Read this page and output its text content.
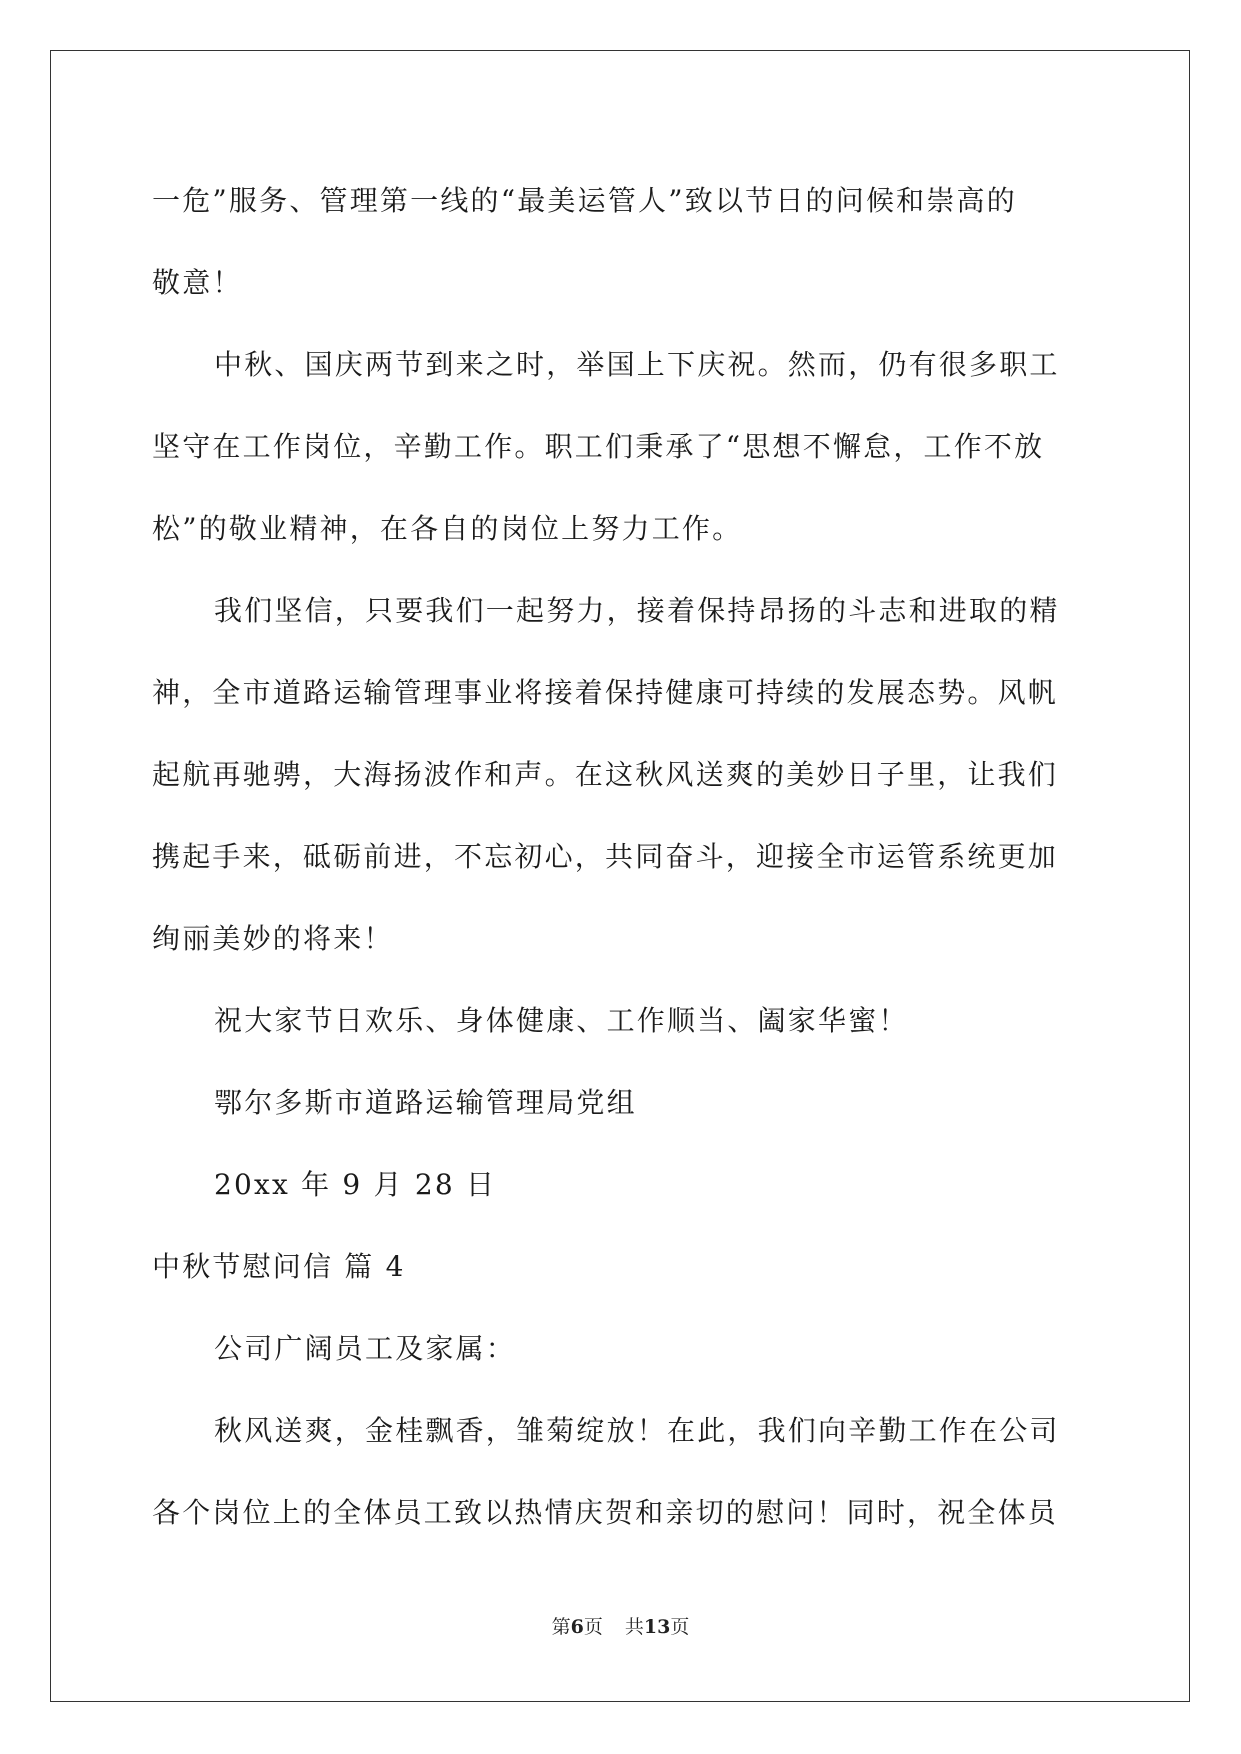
一危”服务、管理第一线的“最美运管人”致以节日的问候和崇高的
敬意！
中秋、国庆两节到来之时，举国上下庆祝。然而，仍有很多职工
坚守在工作岗位，辛勤工作。职工们秉承了“思想不懈怠，工作不放
松”的敬业精神，在各自的岗位上努力工作。
我们坚信，只要我们一起努力，接着保持昂扬的斗志和进取的精
神，全市道路运输管理事业将接着保持健康可持续的发展态势。风帆
起航再驰骋，大海扬波作和声。在这秋风送爽的美妙日子里，让我们
携起手来，砥砺前进，不忘初心，共同奋斗，迎接全市运管系统更加
绚丽美妙的将来！
祝大家节日欢乐、身体健康、工作顺当、阖家华蜜！
鄂尔多斯市道路运输管理局党组
20xx 年 9 月 28 日
中秋节慰问信 篇 4
公司广阔员工及家属：
秋风送爽，金桂飘香，雏菊绽放！在此，我们向辛勤工作在公司
各个岗位上的全体员工致以热情庆贺和亲切的慰问！同时，祝全体员
第6页 共13页
